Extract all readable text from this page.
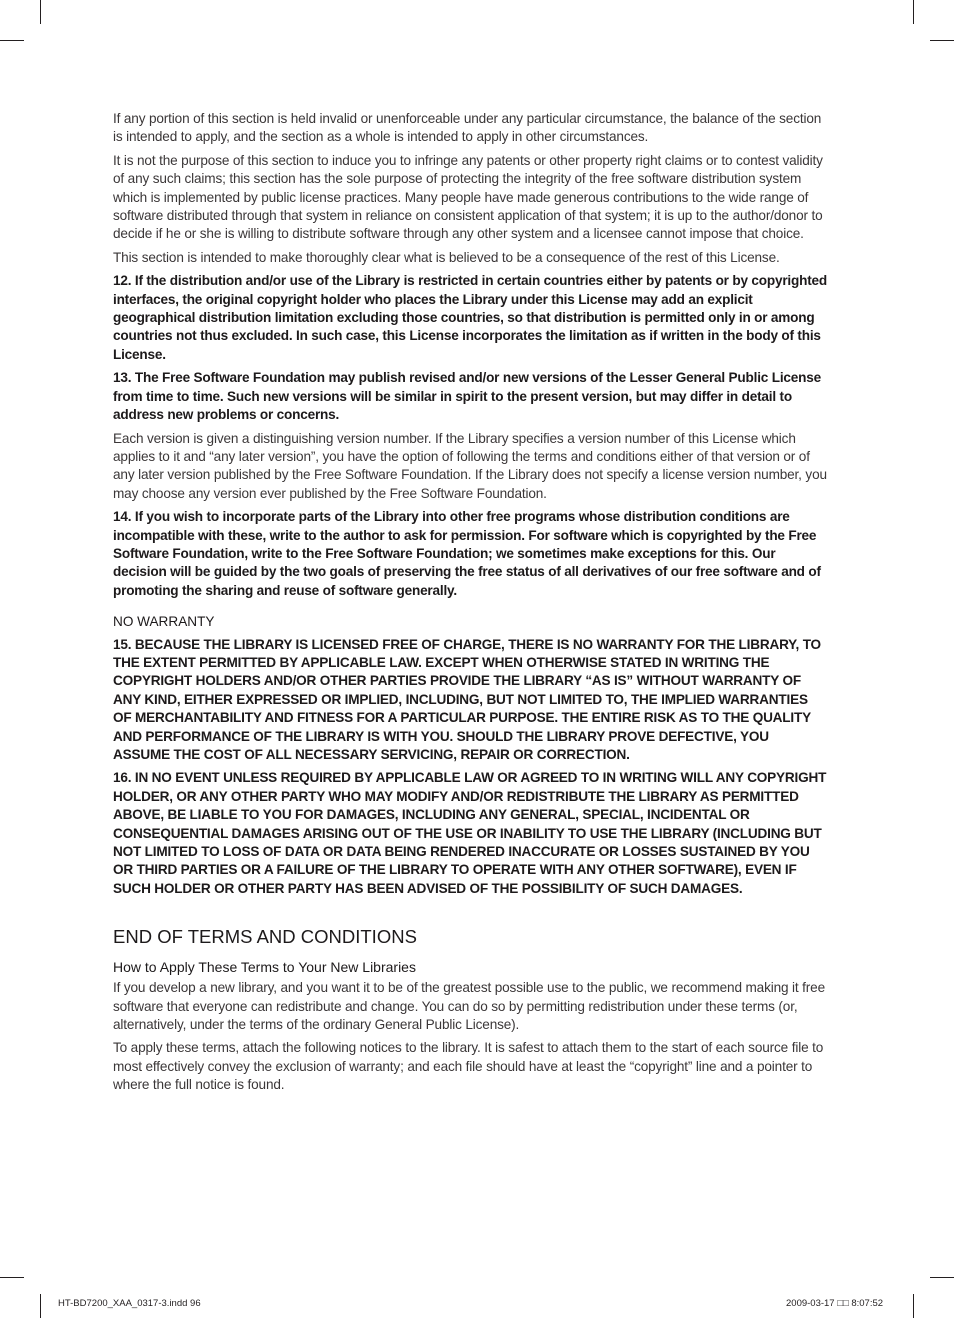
If any portion of this section is held invalid or unenforceable under any particular circumstance, the balance of the section is intended to apply, and the section as a whole is intended to apply in other circumstances.

It is not the purpose of this section to induce you to infringe any patents or other property right claims or to contest validity of any such claims; this section has the sole purpose of protecting the integrity of the free software distribution system which is implemented by public license practices. Many people have made generous contributions to the wide range of software distributed through that system in reliance on consistent application of that system; it is up to the author/donor to decide if he or she is willing to distribute software through any other system and a licensee cannot impose that choice.

This section is intended to make thoroughly clear what is believed to be a consequence of the rest of this License.

12. If the distribution and/or use of the Library is restricted in certain countries either by patents or by copyrighted interfaces, the original copyright holder who places the Library under this License may add an explicit geographical distribution limitation excluding those countries, so that distribution is permitted only in or among countries not thus excluded. In such case, this License incorporates the limitation as if written in the body of this License.

13. The Free Software Foundation may publish revised and/or new versions of the Lesser General Public License from time to time. Such new versions will be similar in spirit to the present version, but may differ in detail to address new problems or concerns.

Each version is given a distinguishing version number. If the Library specifies a version number of this License which applies to it and “any later version”, you have the option of following the terms and conditions either of that version or of any later version published by the Free Software Foundation. If the Library does not specify a license version number, you may choose any version ever published by the Free Software Foundation.

14. If you wish to incorporate parts of the Library into other free programs whose distribution conditions are incompatible with these, write to the author to ask for permission. For software which is copyrighted by the Free Software Foundation, write to the Free Software Foundation; we sometimes make exceptions for this. Our decision will be guided by the two goals of preserving the free status of all derivatives of our free software and of promoting the sharing and reuse of software generally.

NO WARRANTY

15. BECAUSE THE LIBRARY IS LICENSED FREE OF CHARGE, THERE IS NO WARRANTY FOR THE LIBRARY, TO THE EXTENT PERMITTED BY APPLICABLE LAW. EXCEPT WHEN OTHERWISE STATED IN WRITING THE COPYRIGHT HOLDERS AND/OR OTHER PARTIES PROVIDE THE LIBRARY “AS IS” WITHOUT WARRANTY OF ANY KIND, EITHER EXPRESSED OR IMPLIED, INCLUDING, BUT NOT LIMITED TO, THE IMPLIED WARRANTIES OF MERCHANTABILITY AND FITNESS FOR A PARTICULAR PURPOSE. THE ENTIRE RISK AS TO THE QUALITY AND PERFORMANCE OF THE LIBRARY IS WITH YOU. SHOULD THE LIBRARY PROVE DEFECTIVE, YOU ASSUME THE COST OF ALL NECESSARY SERVICING, REPAIR OR CORRECTION.

16. IN NO EVENT UNLESS REQUIRED BY APPLICABLE LAW OR AGREED TO IN WRITING WILL ANY COPYRIGHT HOLDER, OR ANY OTHER PARTY WHO MAY MODIFY AND/OR REDISTRIBUTE THE LIBRARY AS PERMITTED ABOVE, BE LIABLE TO YOU FOR DAMAGES, INCLUDING ANY GENERAL, SPECIAL, INCIDENTAL OR CONSEQUENTIAL DAMAGES ARISING OUT OF THE USE OR INABILITY TO USE THE LIBRARY (INCLUDING BUT NOT LIMITED TO LOSS OF DATA OR DATA BEING RENDERED INACCURATE OR LOSSES SUSTAINED BY YOU OR THIRD PARTIES OR A FAILURE OF THE LIBRARY TO OPERATE WITH ANY OTHER SOFTWARE), EVEN IF SUCH HOLDER OR OTHER PARTY HAS BEEN ADVISED OF THE POSSIBILITY OF SUCH DAMAGES.

END OF TERMS AND CONDITIONS

How to Apply These Terms to Your New Libraries

If you develop a new library, and you want it to be of the greatest possible use to the public, we recommend making it free software that everyone can redistribute and change. You can do so by permitting redistribution under these terms (or, alternatively, under the terms of the ordinary General Public License).

To apply these terms, attach the following notices to the library. It is safest to attach them to the start of each source file to most effectively convey the exclusion of warranty; and each file should have at least the “copyright” line and a pointer to where the full notice is found.

HT-BD7200_XAA_0317-3.indd 96	2009-03-17 □□ 8:07:52
